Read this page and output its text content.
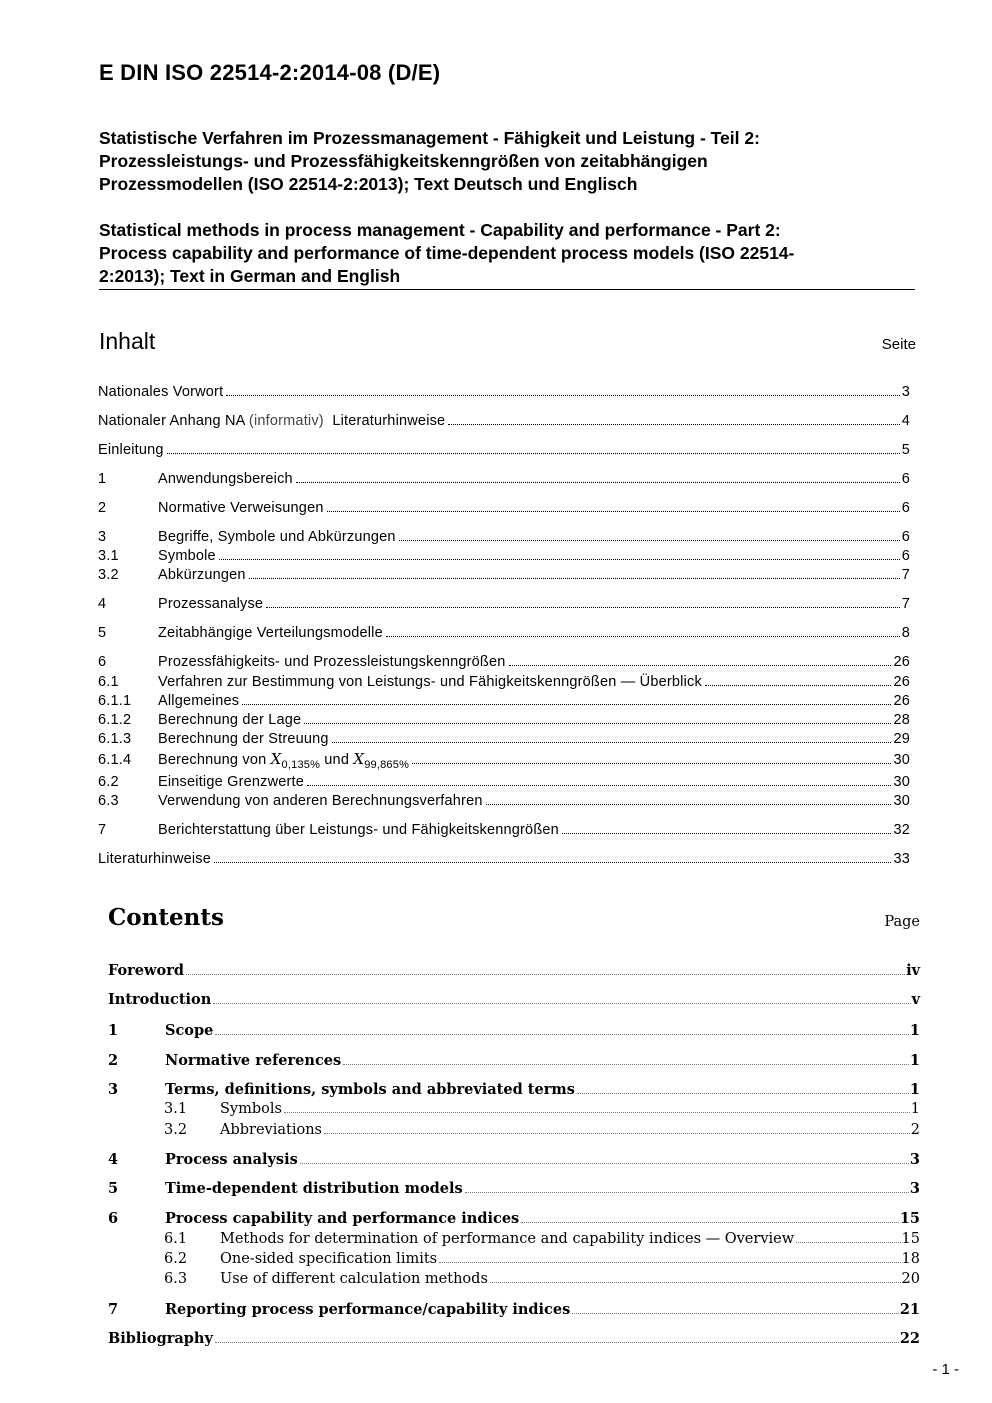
E DIN ISO 22514-2:2014-08 (D/E)
Statistische Verfahren im Prozessmanagement - Fähigkeit und Leistung - Teil 2:
Prozessleistungs- und Prozessfähigkeitskenngrößen von zeitabhängigen
Prozessmodellen (ISO 22514-2:2013); Text Deutsch und Englisch
Statistical methods in process management - Capability and performance - Part 2:
Process capability and performance of time-dependent process models (ISO 22514-
2:2013); Text in German and English
Inhalt	Seite
Nationales Vorwort	3
Nationaler Anhang NA (informativ) Literaturhinweise	4
Einleitung	5
1	Anwendungsbereich	6
2	Normative Verweisungen	6
3	Begriffe, Symbole und Abkürzungen	6
3.1	Symbole	6
3.2	Abkürzungen	7
4	Prozessanalyse	7
5	Zeitabhängige Verteilungsmodelle	8
6	Prozessfähigkeits- und Prozessleistungskenngrößen	26
6.1	Verfahren zur Bestimmung von Leistungs- und Fähigkeitskenngrößen — Überblick	26
6.1.1	Allgemeines	26
6.1.2	Berechnung der Lage	28
6.1.3	Berechnung der Streuung	29
6.1.4	Berechnung von $X_{0,135\%}$ und $X_{99,865\%}$	30
6.2	Einseitige Grenzwerte	30
6.3	Verwendung von anderen Berechnungsverfahren	30
7	Berichterstattung über Leistungs- und Fähigkeitskenngrößen	32
Literaturhinweise	33
Contents	Page
Foreword	iv
Introduction	v
1	Scope	1
2	Normative references	1
3	Terms, definitions, symbols and abbreviated terms	1
3.1	Symbols	1
3.2	Abbreviations	2
4	Process analysis	3
5	Time-dependent distribution models	3
6	Process capability and performance indices	15
6.1	Methods for determination of performance and capability indices — Overview	15
6.2	One-sided specification limits	18
6.3	Use of different calculation methods	20
7	Reporting process performance/capability indices	21
Bibliography	22
- 1 -
